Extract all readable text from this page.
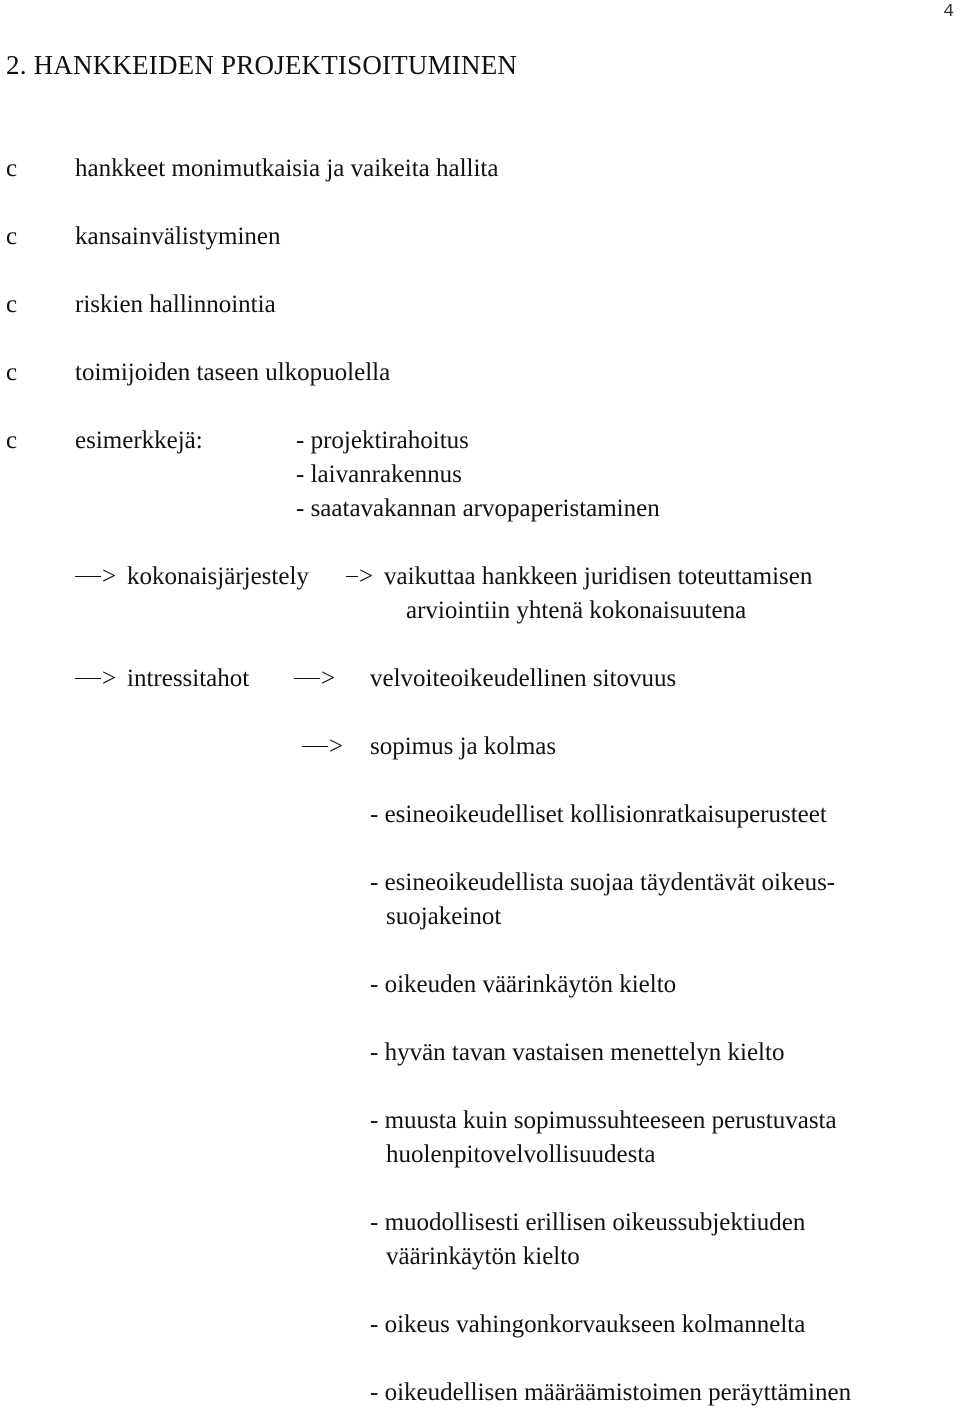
4
2. HANKKEIDEN PROJEKTISOITUMINEN
c hankkeet monimutkaisia ja vaikeita hallita
c kansainvälistyminen
c riskien hallinnointia
c toimijoiden taseen ulkopuolella
c esimerkkejä:	- projektirahoitus
- laivanrakennus
- saatavakannan arvopaperistaminen
> kokonaisjärjestely	> vaikuttaa hankkeen juridisen toteuttamisen
arviointiin yhtenä kokonaisuutena
> intressitahot	> velvoiteoikeudellinen sitovuus
> sopimus ja kolmas
- esineoikeudelliset kollisionratkaisuperusteet
- esineoikeudellista suojaa täydentävät oikeus-
suojakeinot
- oikeuden väärinkäytön kielto
- hyvän tavan vastaisen menettelyn kielto
- muusta kuin sopimussuhteeseen perustuvasta
huolenpitovelvollisuudesta
- muodollisesti erillisen oikeussubjektiuden
väärinkäytön kielto
- oikeus vahingonkorvaukseen kolmannelta
- oikeudellisen määräämistoimen peräyttäminen
